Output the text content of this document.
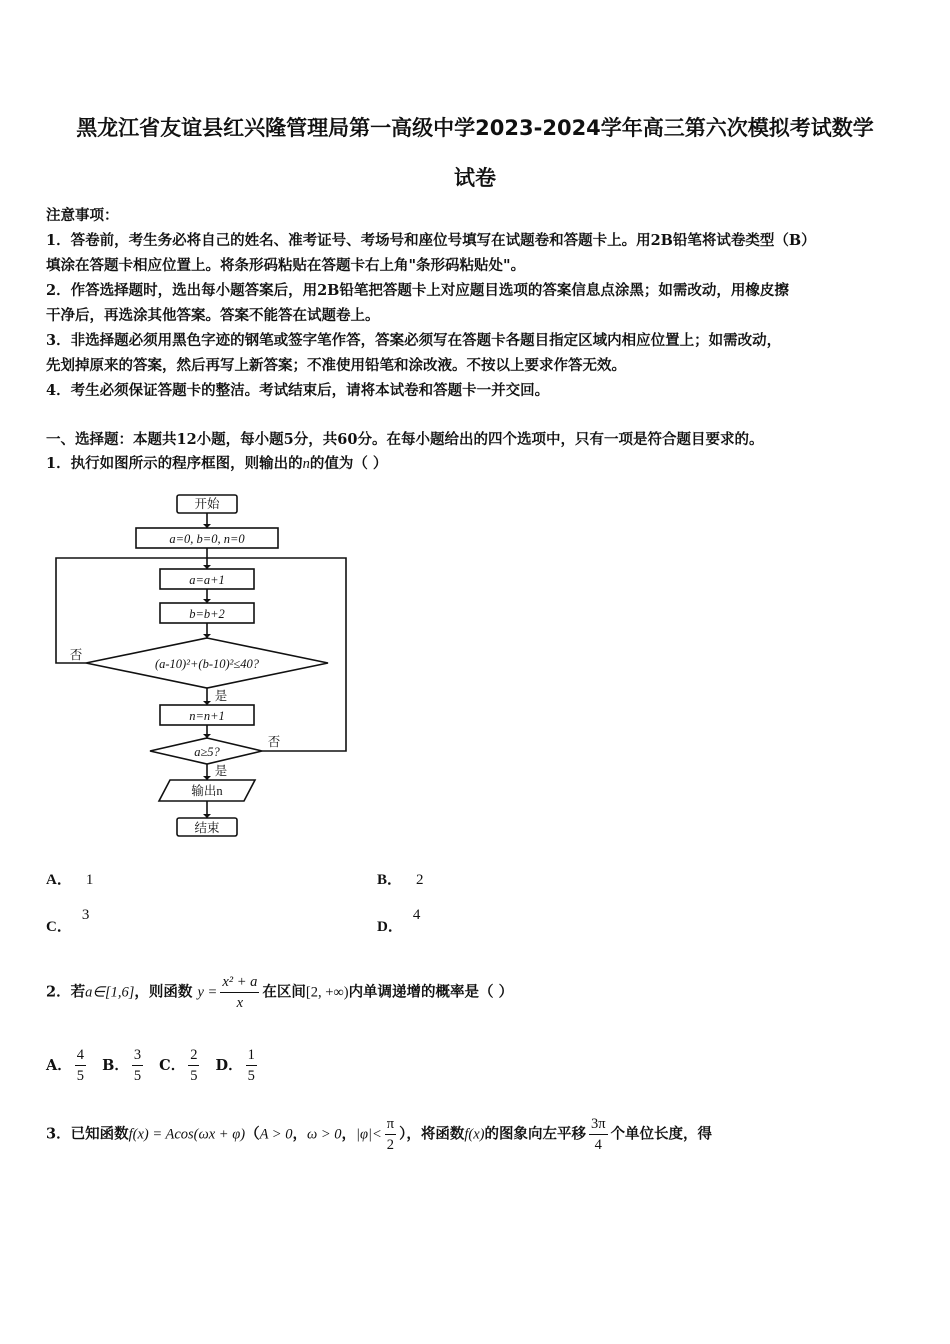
黑龙江省友谊县红兴隆管理局第一高级中学2023-2024学年高三第六次模拟考试数学
试卷
注意事项：
1．答卷前，考生务必将自己的姓名、准考证号、考场号和座位号填写在试题卷和答题卡上。用2B铅笔将试卷类型（B）
填涂在答题卡相应位置上。将条形码粘贴在答题卡右上角"条形码粘贴处"。
2．作答选择题时，选出每小题答案后，用2B铅笔把答题卡上对应题目选项的答案信息点涂黑；如需改动，用橡皮擦
干净后，再选涂其他答案。答案不能答在试题卷上。
3．非选择题必须用黑色字迹的钢笔或签字笔作答，答案必须写在答题卡各题目指定区域内相应位置上；如需改动，
先划掉原来的答案，然后再写上新答案；不准使用铅笔和涂改液。不按以上要求作答无效。
4．考生必须保证答题卡的整洁。考试结束后，请将本试卷和答题卡一并交回。
一、选择题：本题共12小题，每小题5分，共60分。在每小题给出的四个选项中，只有一项是符合题目要求的。
1．执行如图所示的程序框图，则输出的n的值为（ ）
开始
a=0, b=0, n=0
a=a+1
b=b+2
(a-10)²+(b-10)²≤40?
n=n+1
a≥5?
输出n
结束
是
是
否
否
A． 1	B． 2
C．3
D．4
2．若a∈[1,6]，则函数 $y = \frac{\text{x² + a}}{x}$ 在区间[2, +∞)内单调递增的概率是（ ）
A． $\frac{4}{5}$ B． $\frac{3}{5}$ C． $\frac{2}{5}$ D． $\frac{1}{5}$
3．已知函数f(x) = Acos(ωx + φ)（A > 0，ω > 0，$|\varphi|< \frac{\pi}{2}$ ），将函数f(x)的图象向左平移 $\frac{3\pi}{4}$ 个单位长度，得
